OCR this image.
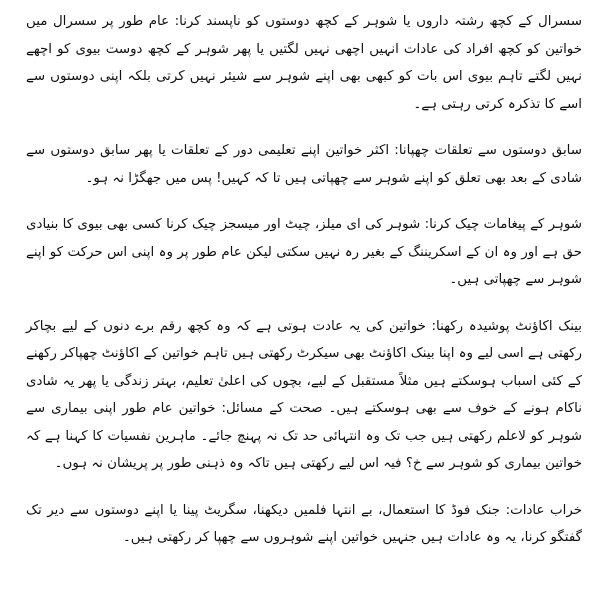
سسرال کے کچھ رشتہ داروں یا شوہر کے کچھ دوستوں کو ناپسند کرنا: عام طور پر سسرال میں خواتین کو کچھ افراد کی عادات انہیں اچھی نہیں لگتیں یا پھر شوہر کے کچھ دوست بیوی کو اچھے نہیں لگتے تاہم بیوی اس بات کو کبھی بھی اپنے شوہر سے شیئر نہیں کرتی بلکہ اپنی دوستوں سے اسے کا تذکرہ کرتی رہتی ہے۔

سابق دوستوں سے تعلقات چھپانا: اکثر خواتین اپنے تعلیمی دور کے تعلقات یا پھر سابق دوستوں سے شادی کے بعد بھی تعلق کو اپنے شوہر سے چھپاتی ہیں تا کہ کہیں! پس میں جھگڑا نہ ہو۔

شوہر کے پیغامات چیک کرنا: شوہر کی ای میلز، چیٹ اور میسجز چیک کرنا کسی بھی بیوی کا بنیادی حق ہے اور وہ ان کے اسکریننگ کے بغیر رہ نہیں سکتی لیکن عام طور پر وہ اپنی اس حرکت کو اپنے شوہر سے چھپاتی ہیں۔

بینک اکاؤنٹ پوشیدہ رکھنا: خواتین کی یہ عادت ہوتی ہے کہ وہ کچھ رقم برے دنوں کے لیے بچاکر رکھتی ہے اسی لیے وہ اپنا بینک اکاؤنٹ بھی سیکرٹ رکھتی ہیں تاہم خواتین کے اکاؤنٹ چھپاکر رکھنے کے کئی اسباب ہوسکتے ہیں مثلاً مستقبل کے لیے، بچوں کی اعلیٰ تعلیم، بہتر زندگی یا پھر یہ شادی ناکام ہونے کے خوف سے بھی ہوسکتے ہیں۔ صحت کے مسائل: خواتین عام طور اپنی بیماری سے شوہر کو لاعلم رکھتی ہیں جب تک وہ انتہائی حد تک نہ پہنچ جائے۔ ماہرین نفسیات کا کہنا ہے کہ خواتین بیماری کو شوہر سے خ؟ فیہ اس لیے رکھتی ہیں تاکہ وہ ذہنی طور پر پریشان نہ ہوں۔

خراب عادات: جنک فوڈ کا استعمال، بے انتہا فلمیں دیکھنا، سگریٹ پینا یا اپنے دوستوں سے دیر تک گفتگو کرنا، یہ وہ عادات ہیں جنہیں خواتین اپنے شوہروں سے چھپا کر رکھتی ہیں۔
